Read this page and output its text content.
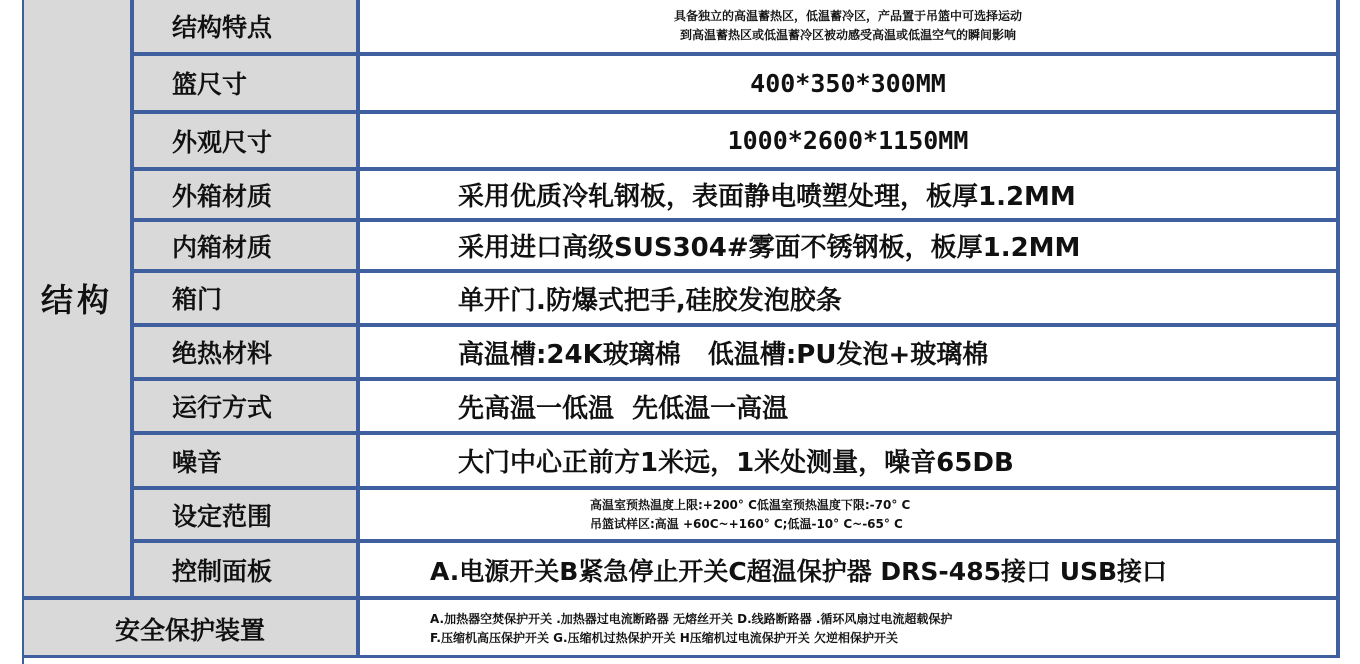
结构
结构特点	具备独立的高温蓄热区，低温蓄冷区，产品置于吊篮中可选择运动
到高温蓄热区或低温蓄冷区被动感受高温或低温空气的瞬间影响
篮尺寸	400*350*300MM
外观尺寸	1000*2600*1150MM
外箱材质	采用优质冷轧钢板，表面静电喷塑处理，板厚1.2MM
内箱材质	采用进口高级SUS304#雾面不锈钢板，板厚1.2MM
箱门	单开门.防爆式把手,硅胶发泡胶条
绝热材料	高温槽:24K玻璃棉   低温槽:PU发泡+玻璃棉
运行方式	先高温一低温  先低温一高温
噪音	大门中心正前方1米远，1米处测量，噪音65DB
设定范围	高温室预热温度上限:+200° C低温室预热温度下限:-70° C
吊篮试样区:高温 +60C~+160° C;低温-10° C~-65° C
控制面板	A.电源开关B紧急停止开关C超温保护器 DRS-485接口 USB接口
安全保护装置	A.加热器空焚保护开关 .加热器过电流断路器 无熔丝开关 D.线路断路器 .循环风扇过电流超载保护
F.压缩机高压保护开关 G.压缩机过热保护开关 H压缩机过电流保护开关 欠逆相保护开关
